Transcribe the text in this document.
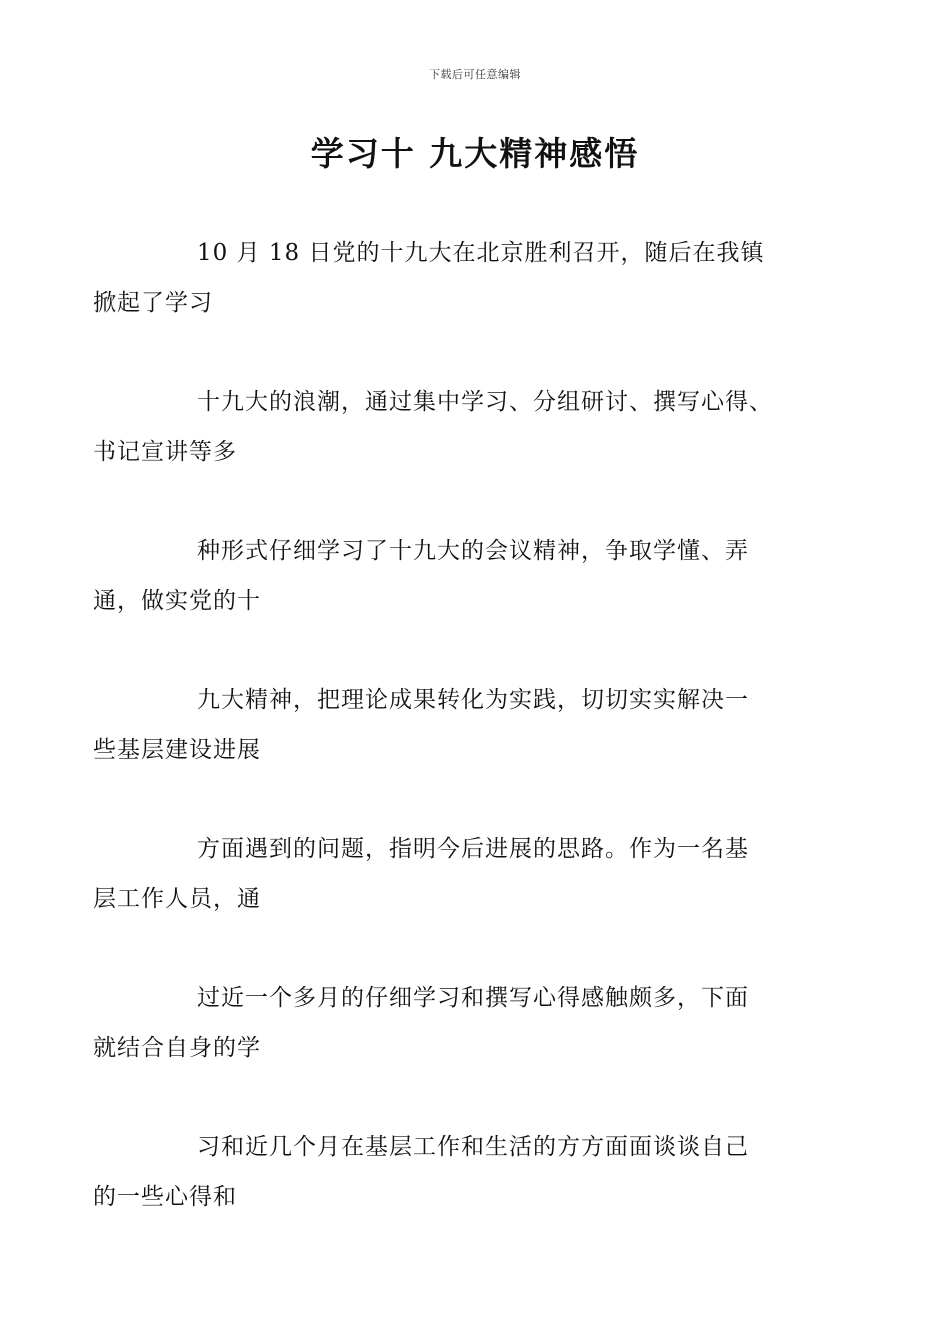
下载后可任意编辑
学习十 九大精神感悟

10 月 18 日党的十九大在北京胜利召开，随后在我镇
掀起了学习

十九大的浪潮，通过集中学习、分组研讨、撰写心得、
书记宣讲等多

种形式仔细学习了十九大的会议精神，争取学懂、弄
通，做实党的十

九大精神，把理论成果转化为实践，切切实实解决一
些基层建设进展

方面遇到的问题，指明今后进展的思路。作为一名基
层工作人员，通

过近一个多月的仔细学习和撰写心得感触颇多，下面
就结合自身的学

习和近几个月在基层工作和生活的方方面面谈谈自己
的一些心得和
